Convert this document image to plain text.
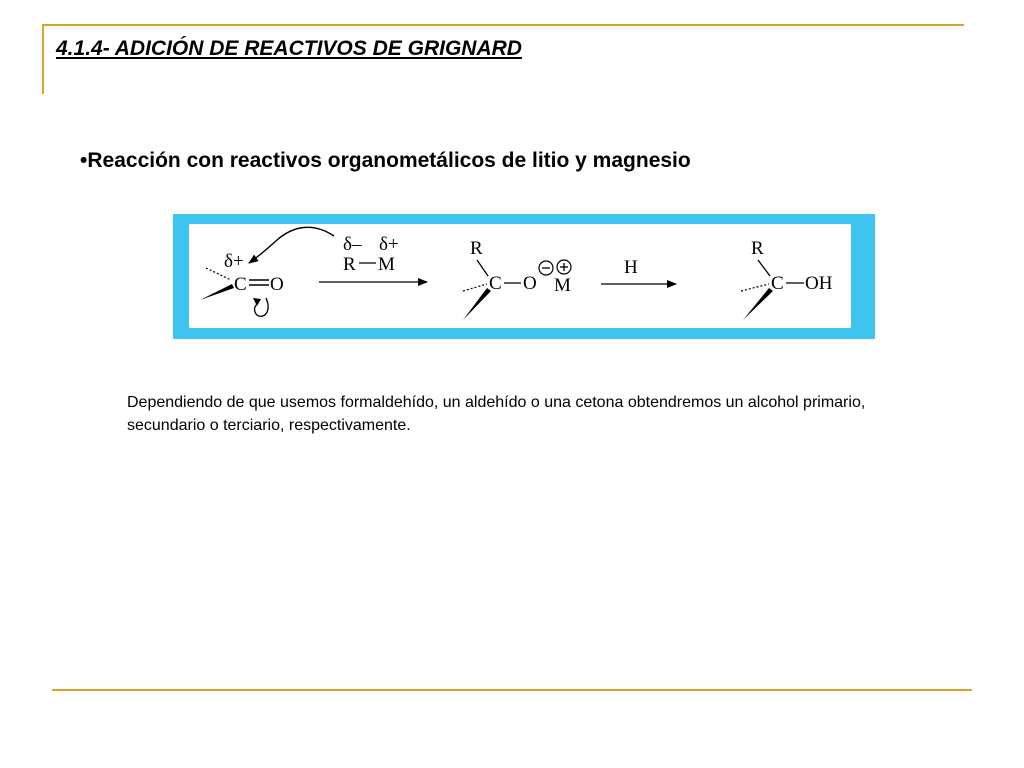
4.1.4- ADICIÓN DE REACTIVOS DE GRIGNARD
•Reacción con reactivos organometálicos de litio y magnesio
δ+
C O
δ– δ+
R M
R
C O M
H
R
C OH
Dependiendo de que usemos formaldehído, un aldehído o una cetona obtendremos un alcohol primario, secundario o terciario, respectivamente.
